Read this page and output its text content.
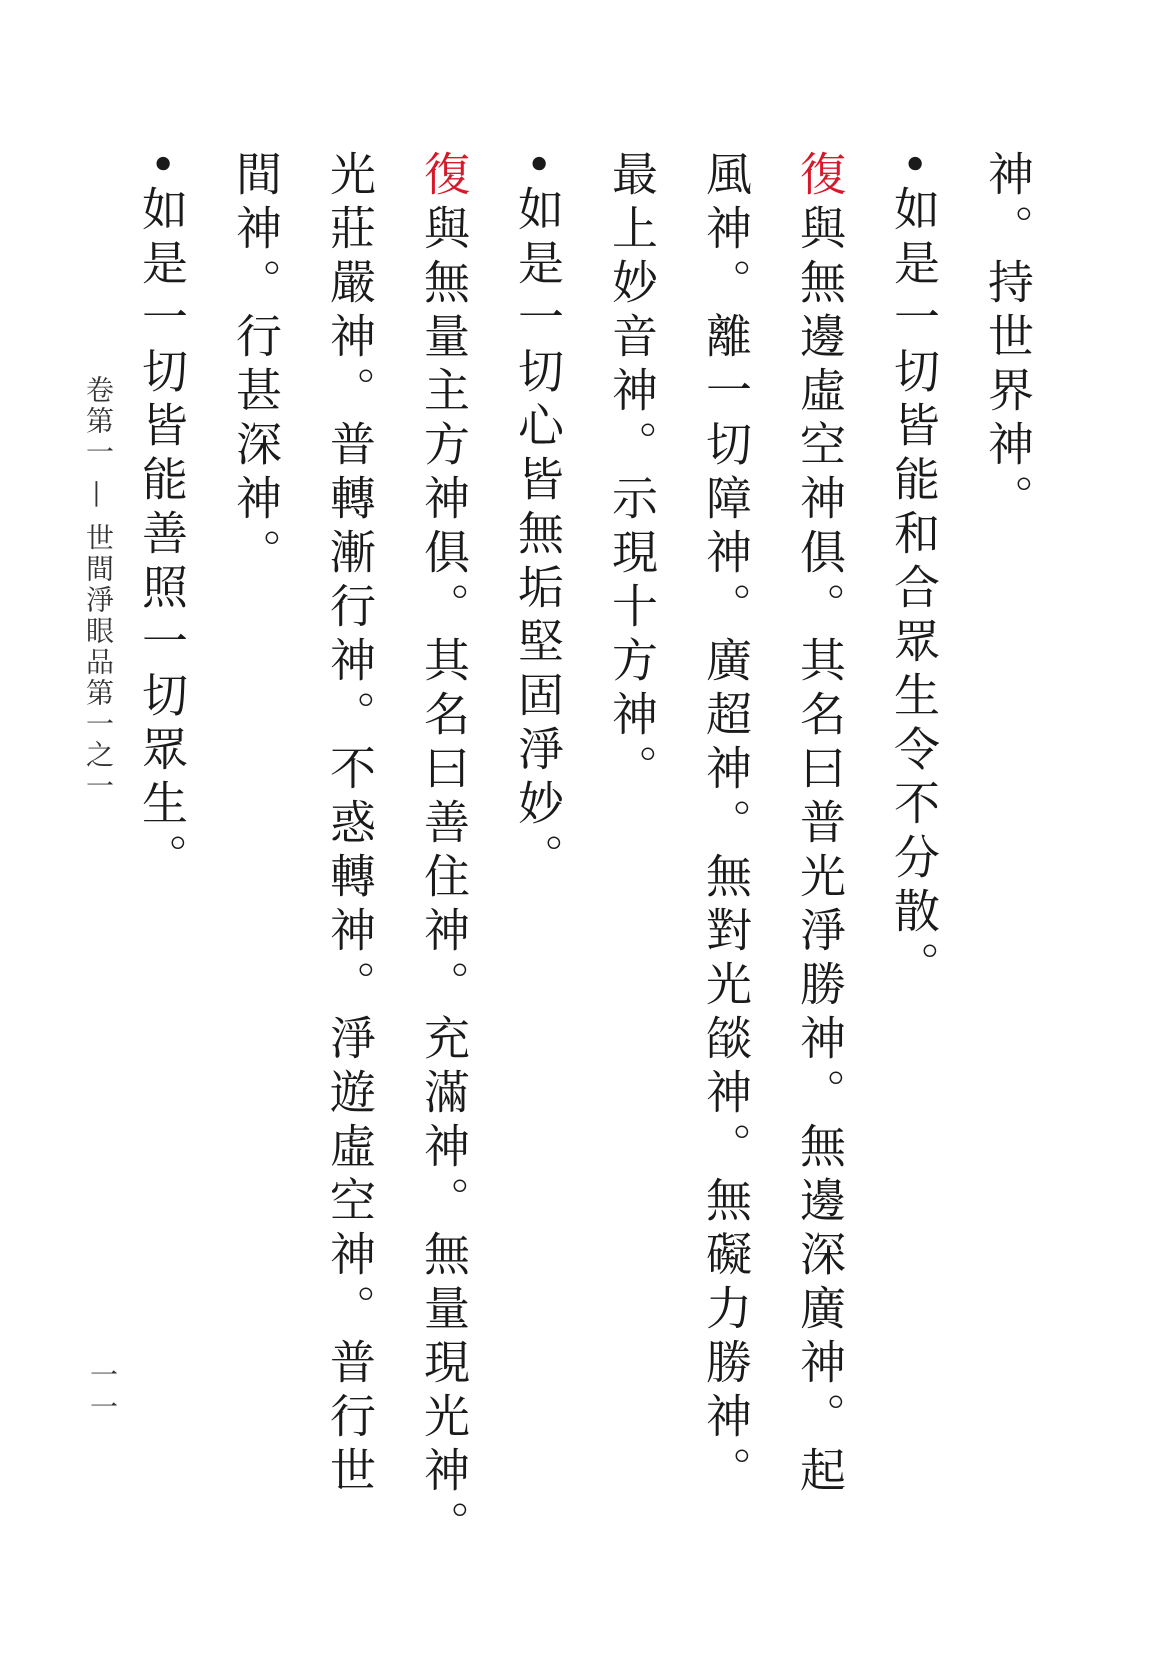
神。持世界神。
•如是一切皆能和合眾生令不分散。
復與無邊虛空神俱。其名曰普光淨勝神。無邊深廣神。起
風神。離一切障神。廣超神。無對光燄神。無礙力勝神。
最上妙音神。示現十方神。
•如是一切心皆無垢堅固淨妙。
復與無量主方神俱。其名曰善住神。充滿神。無量現光神。
光莊嚴神。普轉漸行神。不惑轉神。淨遊虛空神。普行世
間神。行甚深神。
•如是一切皆能善照一切眾生。
卷第一 — 世間淨眼品第一之一
一一
